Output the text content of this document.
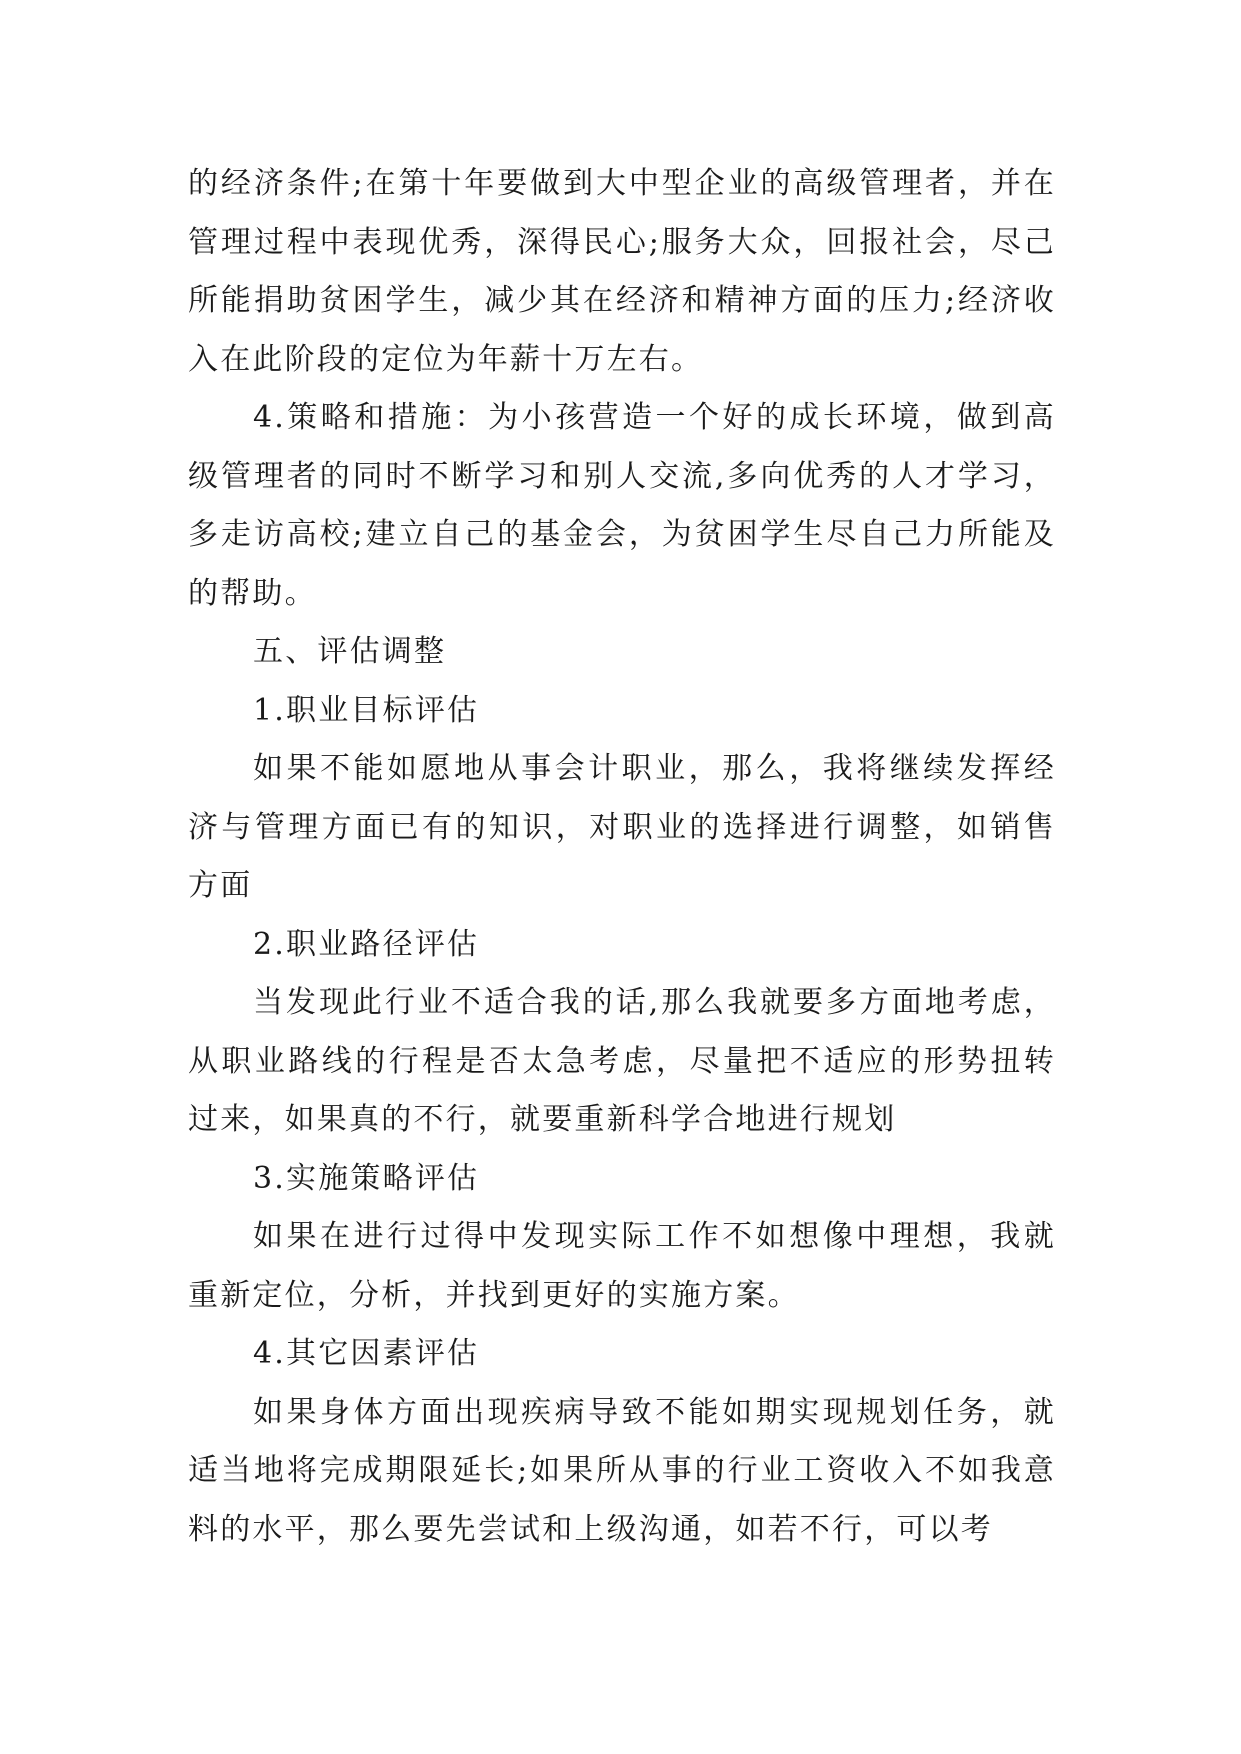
的经济条件;在第十年要做到大中型企业的高级管理者，并在管理过程中表现优秀，深得民心;服务大众，回报社会，尽己所能捐助贫困学生，减少其在经济和精神方面的压力;经济收入在此阶段的定位为年薪十万左右。

4.策略和措施：为小孩营造一个好的成长环境，做到高级管理者的同时不断学习和别人交流,多向优秀的人才学习，多走访高校;建立自己的基金会，为贫困学生尽自己力所能及的帮助。

五、评估调整

1.职业目标评估

如果不能如愿地从事会计职业，那么，我将继续发挥经济与管理方面已有的知识，对职业的选择进行调整，如销售方面

2.职业路径评估

当发现此行业不适合我的话,那么我就要多方面地考虑，从职业路线的行程是否太急考虑，尽量把不适应的形势扭转过来，如果真的不行，就要重新科学合地进行规划

3.实施策略评估

如果在进行过得中发现实际工作不如想像中理想，我就重新定位，分析，并找到更好的实施方案。

4.其它因素评估

如果身体方面出现疾病导致不能如期实现规划任务，就适当地将完成期限延长;如果所从事的行业工资收入不如我意料的水平，那么要先尝试和上级沟通，如若不行，可以考
